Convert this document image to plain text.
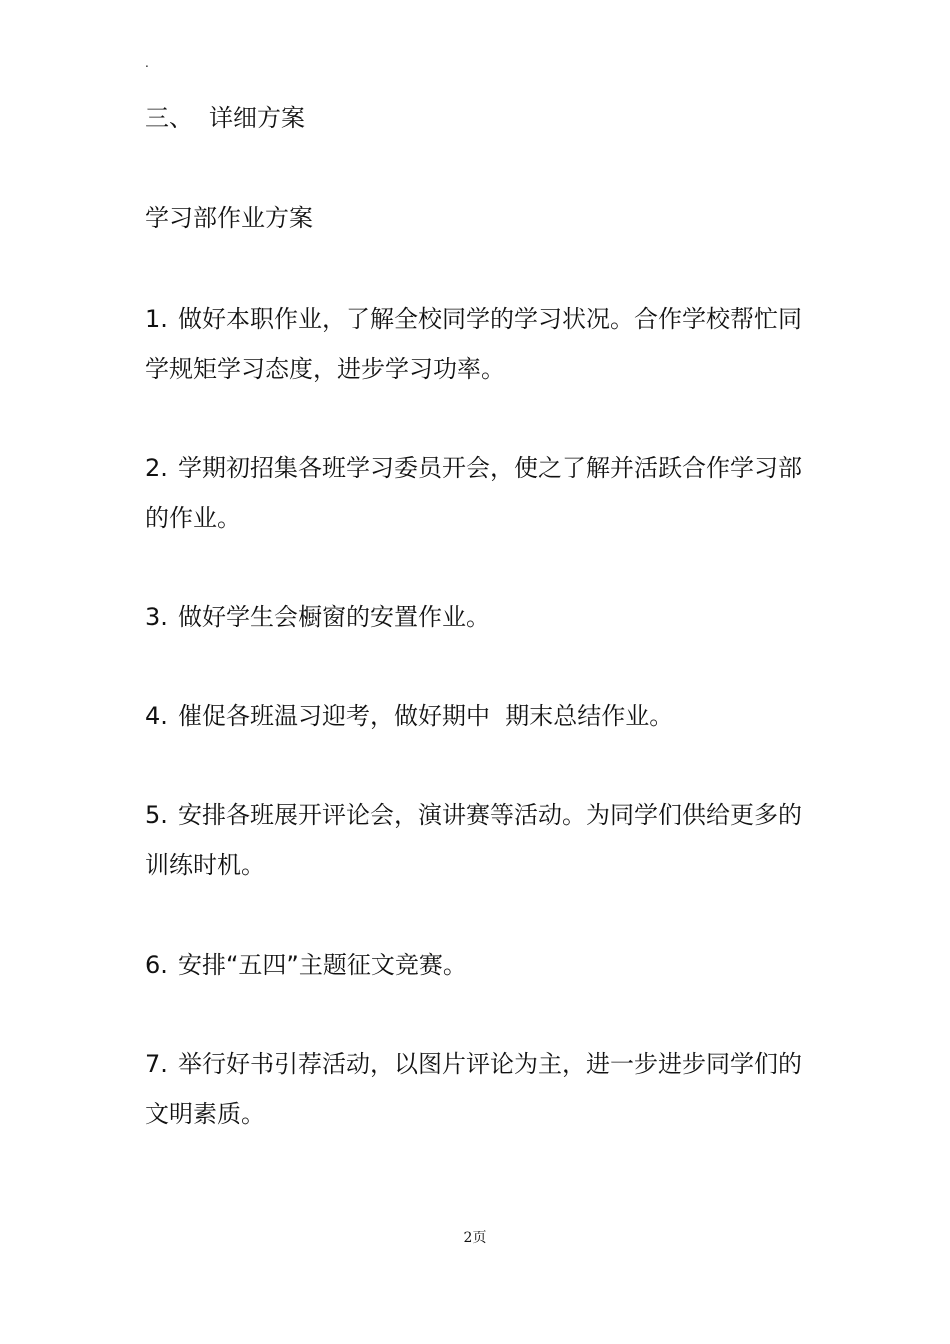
.
三、 详细方案
学习部作业方案
1. 做好本职作业，了解全校同学的学习状况。合作学校帮忙同学规矩学习态度，进步学习功率。
2. 学期初招集各班学习委员开会，使之了解并活跃合作学习部的作业。
3. 做好学生会橱窗的安置作业。
4. 催促各班温习迎考，做好期中  期末总结作业。
5. 安排各班展开评论会，演讲赛等活动。为同学们供给更多的训练时机。
6. 安排“五四”主题征文竞赛。
7. 举行好书引荐活动，以图片评论为主，进一步进步同学们的文明素质。
2页
